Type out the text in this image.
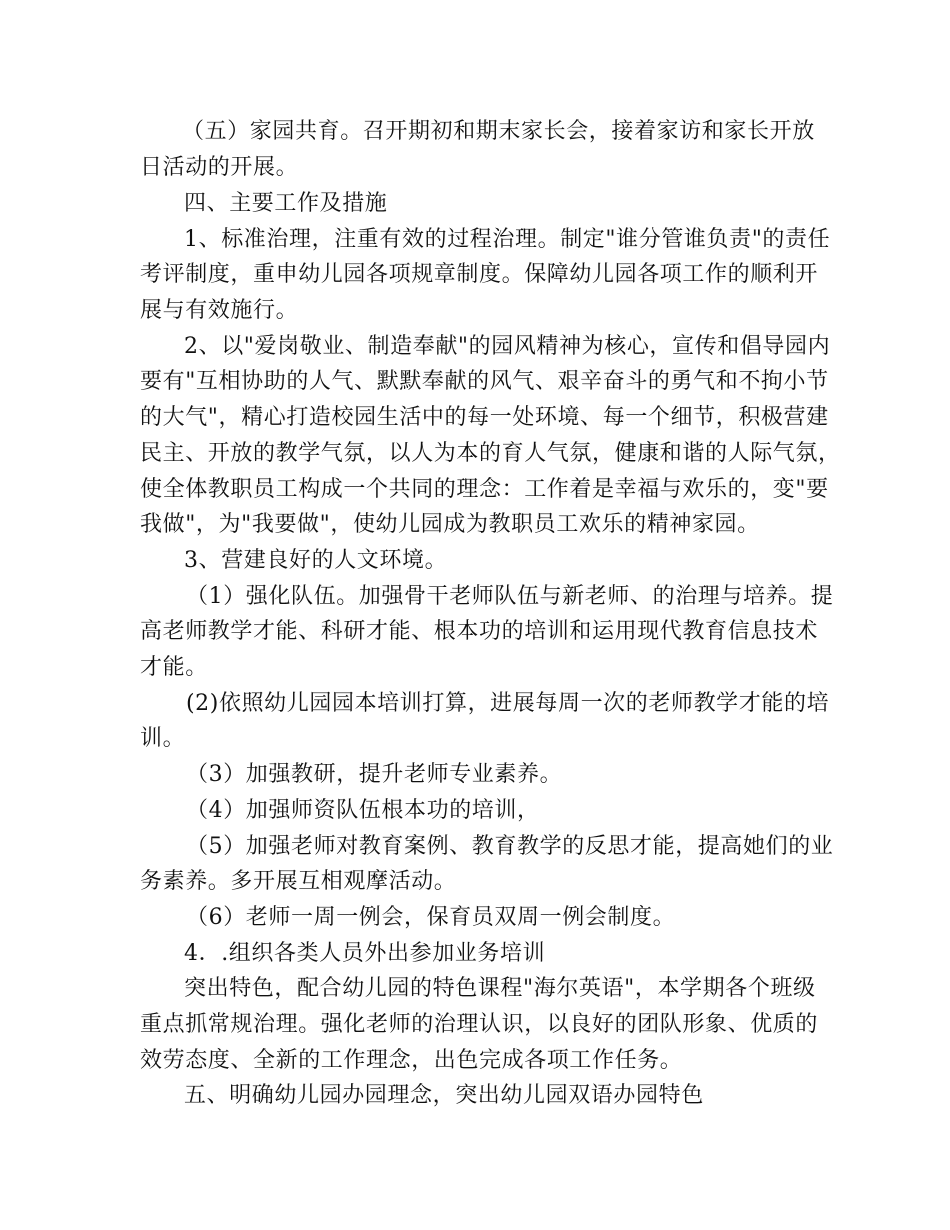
（五）家园共育。召开期初和期末家长会，接着家访和家长开放
日活动的开展。
四、主要工作及措施
1、标准治理，注重有效的过程治理。制定"谁分管谁负责"的责任
考评制度，重申幼儿园各项规章制度。保障幼儿园各项工作的顺利开
展与有效施行。
2、以"爱岗敬业、制造奉献"的园风精神为核心，宣传和倡导园内
要有"互相协助的人气、默默奉献的风气、艰辛奋斗的勇气和不拘小节
的大气"，精心打造校园生活中的每一处环境、每一个细节，积极营建
民主、开放的教学气氛，以人为本的育人气氛，健康和谐的人际气氛，
使全体教职员工构成一个共同的理念：工作着是幸福与欢乐的，变"要
我做"，为"我要做"，使幼儿园成为教职员工欢乐的精神家园。
3、营建良好的人文环境。
（1）强化队伍。加强骨干老师队伍与新老师、的治理与培养。提
高老师教学才能、科研才能、根本功的培训和运用现代教育信息技术
才能。
(2)依照幼儿园园本培训打算，进展每周一次的老师教学才能的培
训。
（3）加强教研，提升老师专业素养。
（4）加强师资队伍根本功的培训，
（5）加强老师对教育案例、教育教学的反思才能，提高她们的业
务素养。多开展互相观摩活动。
（6）老师一周一例会，保育员双周一例会制度。
4．.组织各类人员外出参加业务培训
突出特色，配合幼儿园的特色课程"海尔英语"，本学期各个班级
重点抓常规治理。强化老师的治理认识，以良好的团队形象、优质的
效劳态度、全新的工作理念，出色完成各项工作任务。
五、明确幼儿园办园理念，突出幼儿园双语办园特色
